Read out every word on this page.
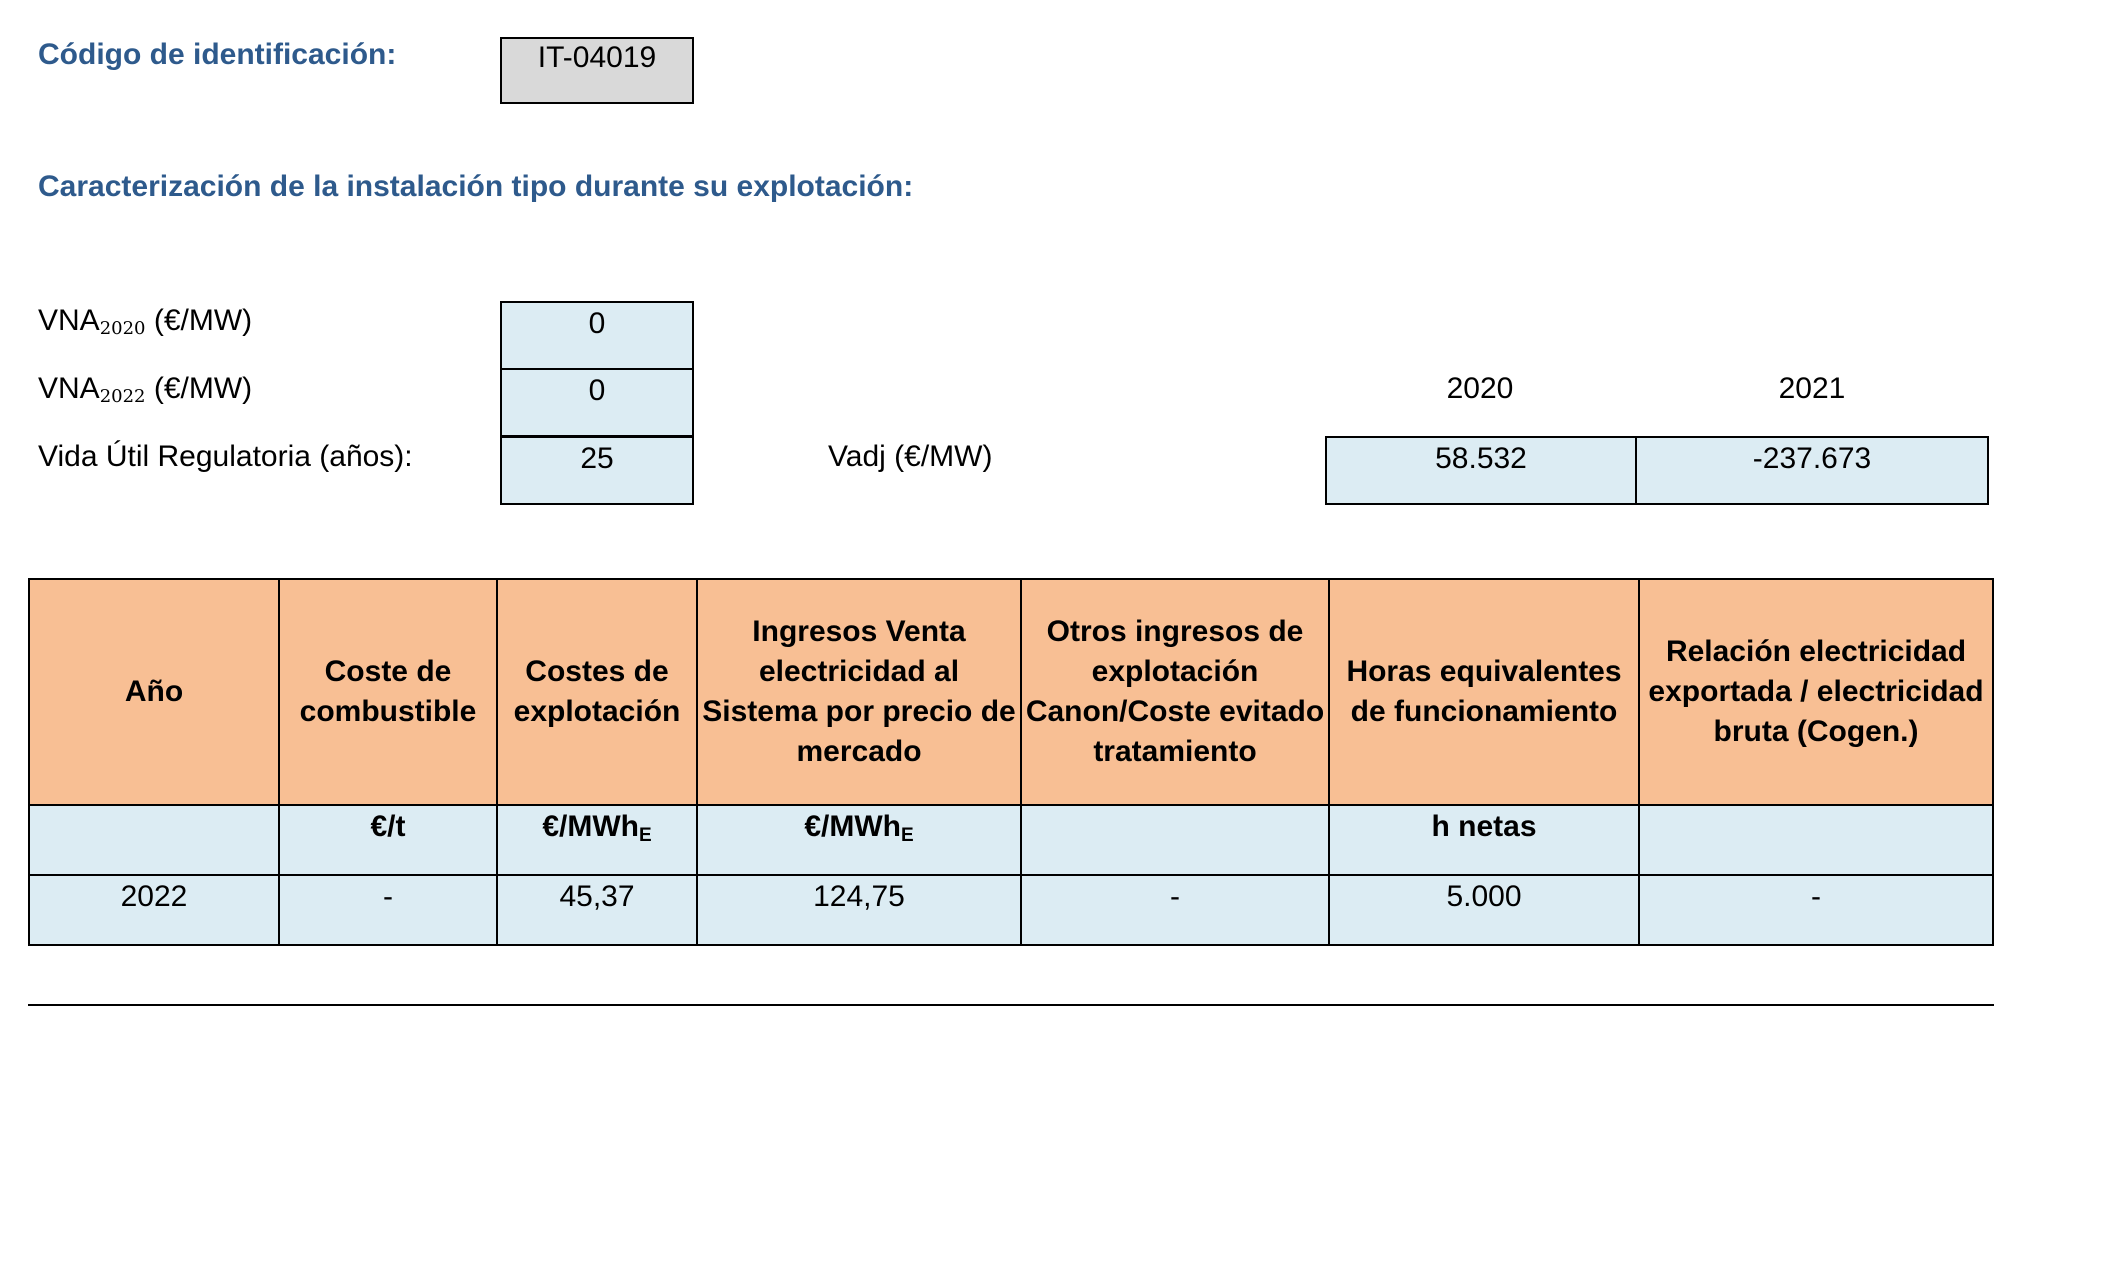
Código de identificación:	IT-04019
Caracterización de la instalación tipo durante su explotación:
$VNA_{2020}$ (€/MW)	0
$VNA_{2022}$ (€/MW)	0
Vida Útil Regulatoria (años):	25	Vadj (€/MW)
2020	2021
58.532	-237.673
Año	Coste de combustible	Costes de explotación	Ingresos Venta electricidad al Sistema por precio de mercado	Otros ingresos de explotación Canon/Coste evitado tratamiento	Horas equivalentes de funcionamiento	Relación electricidad exportada / electricidad bruta (Cogen.)
	€/t	€/MWh$_E$	€/MWh$_E$		h netas	
2022	-	45,37	124,75	-	5.000	-
